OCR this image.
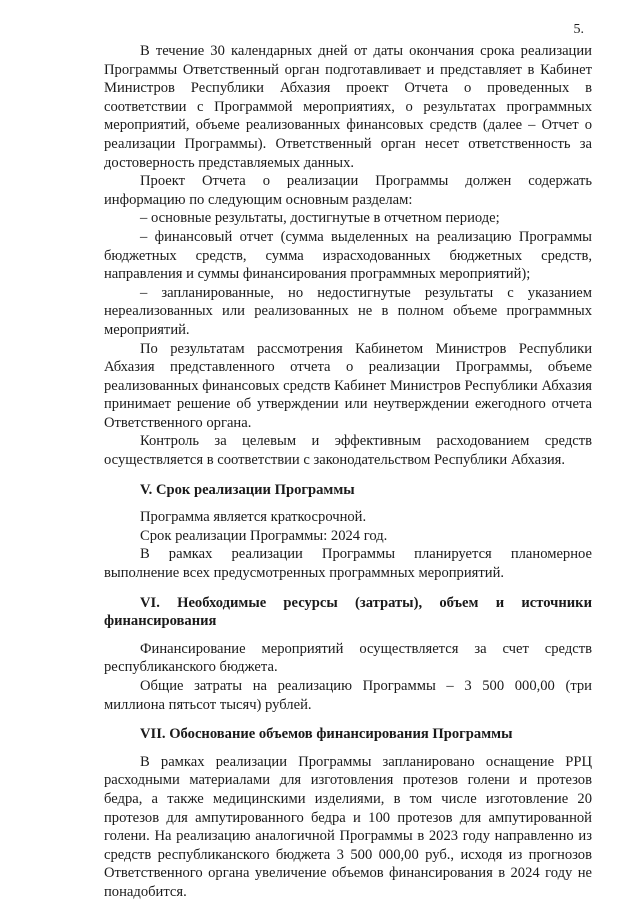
5.

В течение 30 календарных дней от даты окончания срока реализации Программы Ответственный орган подготавливает и представляет в Кабинет Министров Республики Абхазия проект Отчета о проведенных в соответствии с Программой мероприятиях, о результатах программных мероприятий, объеме реализованных финансовых средств (далее – Отчет о реализации Программы). Ответственный орган несет ответственность за достоверность представляемых данных.

Проект Отчета о реализации Программы должен содержать информацию по следующим основным разделам:

– основные результаты, достигнутые в отчетном периоде;

– финансовый отчет (сумма выделенных на реализацию Программы бюджетных средств, сумма израсходованных бюджетных средств, направления и суммы финансирования программных мероприятий);

– запланированные, но недостигнутые результаты с указанием нереализованных или реализованных не в полном объеме программных мероприятий.

По результатам рассмотрения Кабинетом Министров Республики Абхазия представленного отчета о реализации Программы, объеме реализованных финансовых средств Кабинет Министров Республики Абхазия принимает решение об утверждении или неутверждении ежегодного отчета Ответственного органа.

Контроль за целевым и эффективным расходованием средств осуществляется в соответствии с законодательством Республики Абхазия.

V. Срок реализации Программы

Программа является краткосрочной.

Срок реализации Программы: 2024 год.

В рамках реализации Программы планируется планомерное выполнение всех предусмотренных программных мероприятий.

VI. Необходимые ресурсы (затраты), объем и источники финансирования

Финансирование мероприятий осуществляется за счет средств республиканского бюджета.

Общие затраты на реализацию Программы – 3 500 000,00 (три миллиона пятьсот тысяч) рублей.

VII. Обоснование объемов финансирования Программы

В рамках реализации Программы запланировано оснащение РРЦ расходными материалами для изготовления протезов голени и протезов бедра, а также медицинскими изделиями, в том числе изготовление 20 протезов для ампутированного бедра и 100 протезов для ампутированной голени. На реализацию аналогичной Программы в 2023 году направленно из средств республиканского бюджета 3 500 000,00 руб., исходя из прогнозов Ответственного органа увеличение объемов финансирования в 2024 году не понадобится.
